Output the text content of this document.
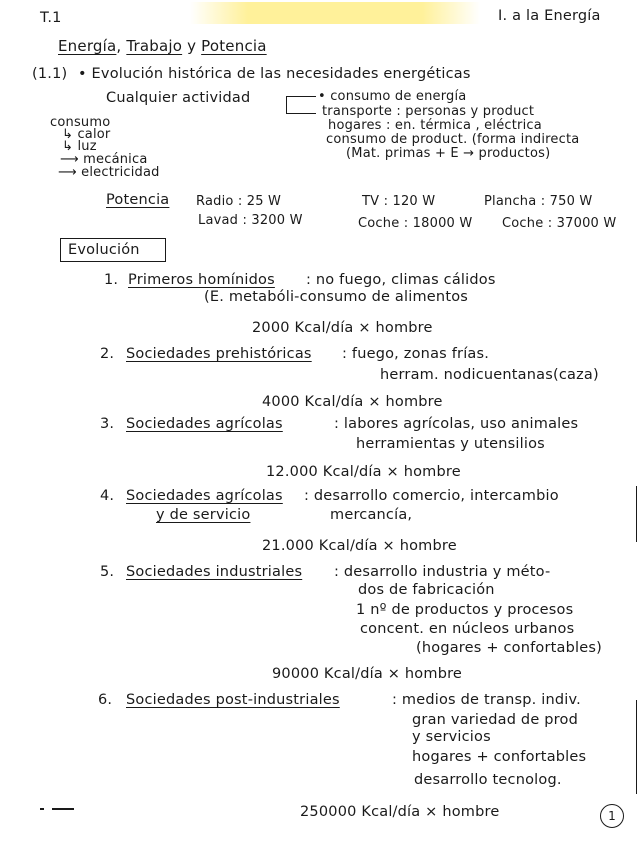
T.1	I. a la Energía
Energía, Trabajo y Potencia
(1.1) • Evolución histórica de las necesidades energéticas
Cualquier actividad	• consumo de energía
transporte : personas y product
hogares : en. térmica , eléctrica
consumo de product. (forma indirecta
(Mat. primas + E → productos)
consumo
↳ calor
↳ luz
⟶ mecánica
⟶ electricidad
Potencia Radio : 25 W	TV : 120 W	Plancha : 750 W
Lavad : 3200 W	Coche : 18000 W Coche : 37000 W
Evolución
1. Primeros homínidos : no fuego, climas cálidos
(E. metabóli-consumo de alimentos
2000 Kcal/día × hombre
2. Sociedades prehistóricas : fuego, zonas frías.
herram. nodicuentanas(caza)
4000 Kcal/día × hombre
3. Sociedades agrícolas	: labores agrícolas, uso animales
herramientas y utensilios
12.000 Kcal/día × hombre
4. Sociedades agrícolas
y de servicio
: desarrollo comercio, intercambio
mercancía,
21.000 Kcal/día × hombre
5. Sociedades industriales : desarrollo industria y méto-
dos de fabricación
1 nº de productos y procesos
concent. en núcleos urbanos
(hogares + confortables)
90000 Kcal/día × hombre
6. Sociedades post-industriales	: medios de transp. indiv.
gran variedad de prod
y servicios
hogares + confortables
desarrollo tecnolog.
250000 Kcal/día × hombre	1
